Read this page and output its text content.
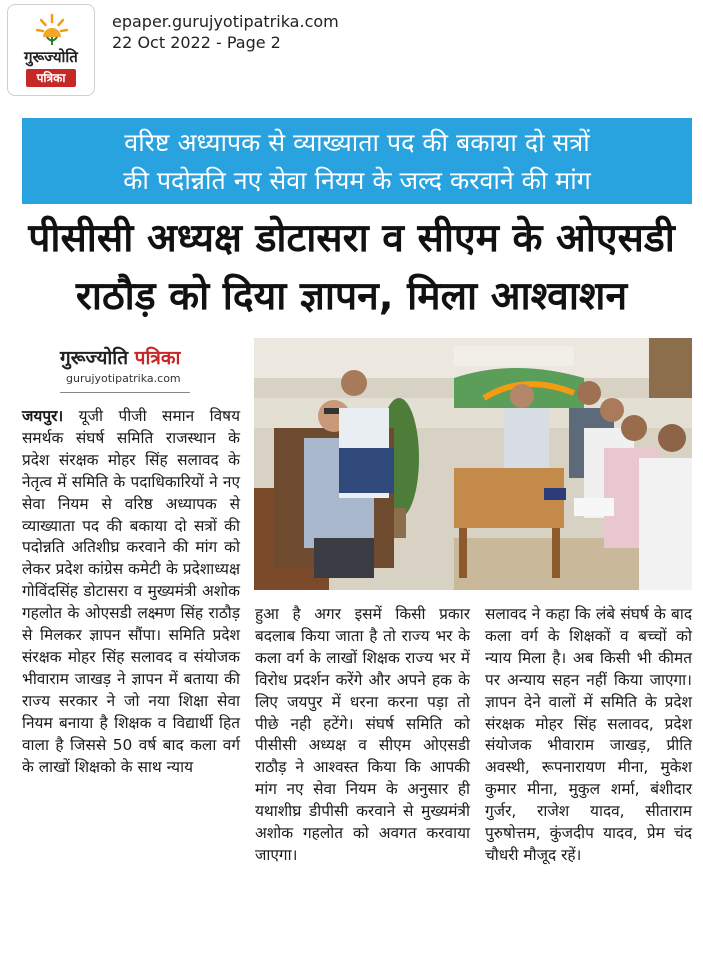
गुरूज्योति
पत्रिका
epaper.gurujyotipatrika.com
22 Oct 2022 - Page 2
वरिष्ट अध्यापक से व्याख्याता पद की बकाया दो सत्रों
की पदोन्नति नए सेवा नियम के जल्द करवाने की मांग
पीसीसी अध्यक्ष डोटासरा व सीएम के ओएसडी
राठौड़ को दिया ज्ञापन, मिला आश्वाशन
गुरूज्योति पत्रिका
gurujyotipatrika.com
जयपुर। यूजी पीजी समान विषय समर्थक संघर्ष समिति राजस्थान के प्रदेश संरक्षक मोहर सिंह सलावद के नेतृत्व में समिति के पदाधिकारियों ने नए सेवा नियम से वरिष्ठ अध्यापक से व्याख्याता पद की बकाया दो सत्रों की पदोन्नति अतिशीघ्र करवाने की मांग को लेकर प्रदेश कांग्रेस कमेटी के प्रदेशाध्यक्ष गोविंदसिंह डोटासरा व मुख्यमंत्री अशोक गहलोत के ओएसडी लक्ष्मण सिंह राठौड़ से मिलकर ज्ञापन सौंपा। समिति प्रदेश संरक्षक मोहर सिंह सलावद व संयोजक भीवाराम जाखड़ ने ज्ञापन में बताया की राज्य सरकार ने जो नया शिक्षा सेवा नियम बनाया है शिक्षक व विद्यार्थी हित वाला है जिससे 50 वर्ष बाद कला वर्ग के लाखों शिक्षको के साथ न्याय
हुआ है अगर इसमें किसी प्रकार बदलाब किया जाता है तो राज्य भर के कला वर्ग के लाखों शिक्षक राज्य भर में विरोध प्रदर्शन करेंगे और अपने हक के लिए जयपुर में धरना करना पड़ा तो पीछे नही हटेंगे। संघर्ष समिति को पीसीसी अध्यक्ष व सीएम ओएसडी राठौड़ ने आश्वस्त किया कि आपकी मांग नए सेवा नियम के अनुसार ही यथाशीघ्र डीपीसी करवाने से मुख्यमंत्री अशोक गहलोत को अवगत करवाया जाएगा।
सलावद ने कहा कि लंबे संघर्ष के बाद कला वर्ग के शिक्षकों व बच्चों को न्याय मिला है। अब किसी भी कीमत पर अन्याय सहन नहीं किया जाएगा। ज्ञापन देने वालों में समिति के प्रदेश संरक्षक मोहर सिंह सलावद, प्रदेश संयोजक भीवाराम जाखड़, प्रीति अवस्थी, रूपनारायण मीना, मुकेश कुमार मीना, मुकुल शर्मा, बंशीदार गुर्जर, राजेश यादव, सीताराम पुरुषोत्तम, कुंजदीप यादव, प्रेम चंद चौधरी मौजूद रहें।
